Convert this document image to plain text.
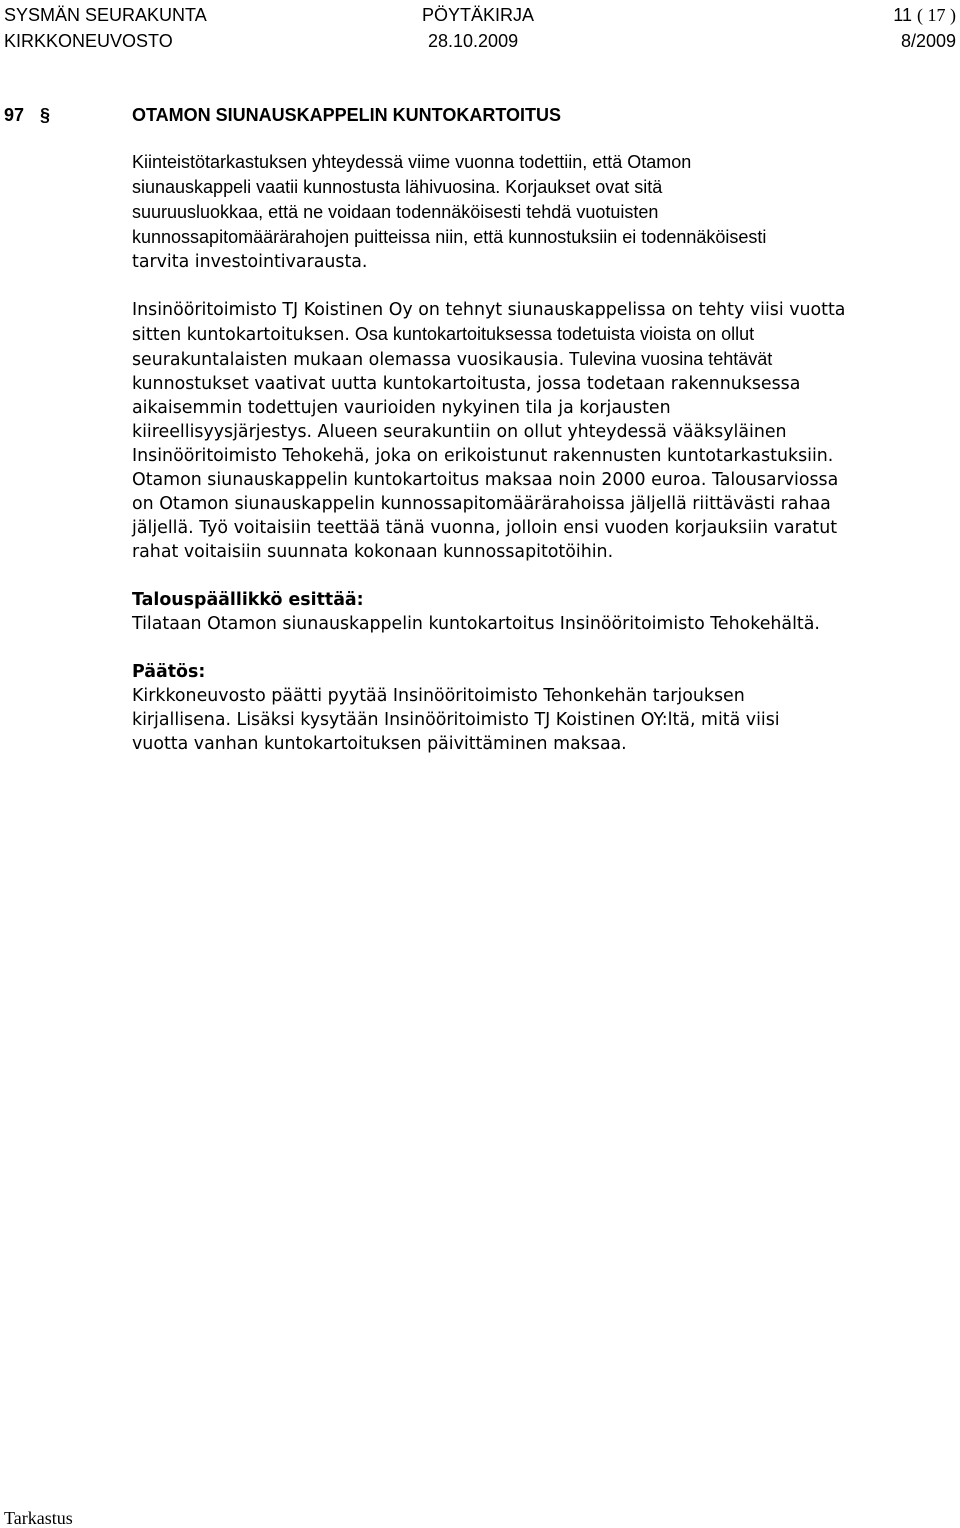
SYSMÄN SEURAKUNTA	PÖYTÄKIRJA	11 ( 17 )
KIRKKONEUVOSTO	28.10.2009	8/2009
97 §	OTAMON SIUNAUSKAPPELIN KUNTOKARTOITUS
Kiinteistötarkastuksen yhteydessä viime vuonna todettiin, että Otamon
siunauskappeli vaatii kunnostusta lähivuosina. Korjaukset ovat sitä
suuruusluokkaa, että ne voidaan todennäköisesti tehdä vuotuisten
kunnossapitomäärärahojen puitteissa niin, että kunnostuksiin ei todennäköisesti
tarvita investointivarausta.
Insinööritoimisto TJ Koistinen Oy on tehnyt siunauskappelissa on tehty viisi vuotta
sitten kuntokartoituksen. Osa kuntokartoituksessa todetuista vioista on ollut
seurakuntalaisten mukaan olemassa vuosikausia. Tulevina vuosina tehtävät
kunnostukset vaativat uutta kuntokartoitusta, jossa todetaan rakennuksessa
aikaisemmin todettujen vaurioiden nykyinen tila ja korjausten
kiireellisyysjärjestys. Alueen seurakuntiin on ollut yhteydessä vääksyläinen
Insinööritoimisto Tehokehä, joka on erikoistunut rakennusten kuntotarkastuksiin.
Otamon siunauskappelin kuntokartoitus maksaa noin 2000 euroa. Talousarviossa
on Otamon siunauskappelin kunnossapitomäärärahoissa jäljellä riittävästi rahaa
jäljellä. Työ voitaisiin teettää tänä vuonna, jolloin ensi vuoden korjauksiin varatut
rahat voitaisiin suunnata kokonaan kunnossapitotöihin.
Talouspäällikkö esittää:
Tilataan Otamon siunauskappelin kuntokartoitus Insinööritoimisto Tehokehältä.
Päätös:
Kirkkoneuvosto päätti pyytää Insinööritoimisto Tehonkehän tarjouksen
kirjallisena. Lisäksi kysytään Insinööritoimisto TJ Koistinen OY:ltä, mitä viisi
vuotta vanhan kuntokartoituksen päivittäminen maksaa.
Tarkastus
